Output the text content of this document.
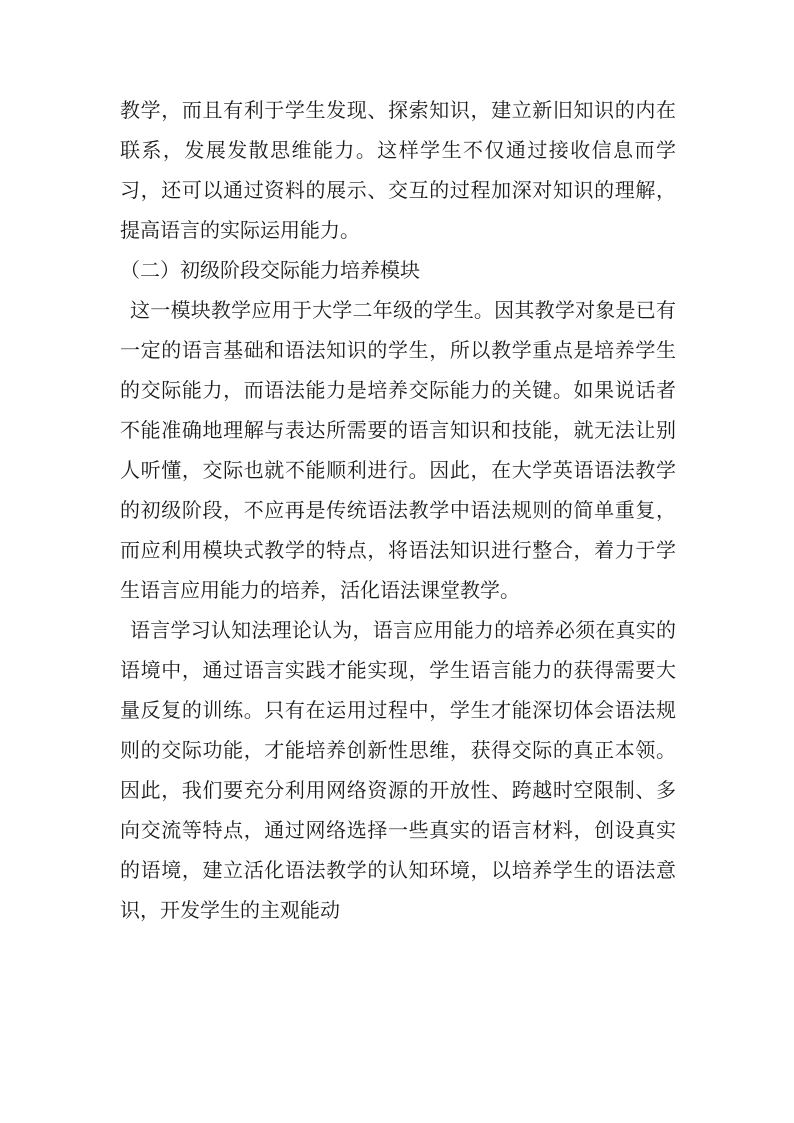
教学，而且有利于学生发现、探索知识，建立新旧知识的内在联系，发展发散思维能力。这样学生不仅通过接收信息而学习，还可以通过资料的展示、交互的过程加深对知识的理解，提高语言的实际运用能力。

（二）初级阶段交际能力培养模块

这一模块教学应用于大学二年级的学生。因其教学对象是已有一定的语言基础和语法知识的学生，所以教学重点是培养学生的交际能力，而语法能力是培养交际能力的关键。如果说话者不能准确地理解与表达所需要的语言知识和技能，就无法让别人听懂，交际也就不能顺利进行。因此，在大学英语语法教学的初级阶段，不应再是传统语法教学中语法规则的简单重复，而应利用模块式教学的特点，将语法知识进行整合，着力于学生语言应用能力的培养，活化语法课堂教学。

语言学习认知法理论认为，语言应用能力的培养必须在真实的语境中，通过语言实践才能实现，学生语言能力的获得需要大量反复的训练。只有在运用过程中，学生才能深切体会语法规则的交际功能，才能培养创新性思维，获得交际的真正本领。因此，我们要充分利用网络资源的开放性、跨越时空限制、多向交流等特点，通过网络选择一些真实的语言材料，创设真实的语境，建立活化语法教学的认知环境，以培养学生的语法意识，开发学生的主观能动
